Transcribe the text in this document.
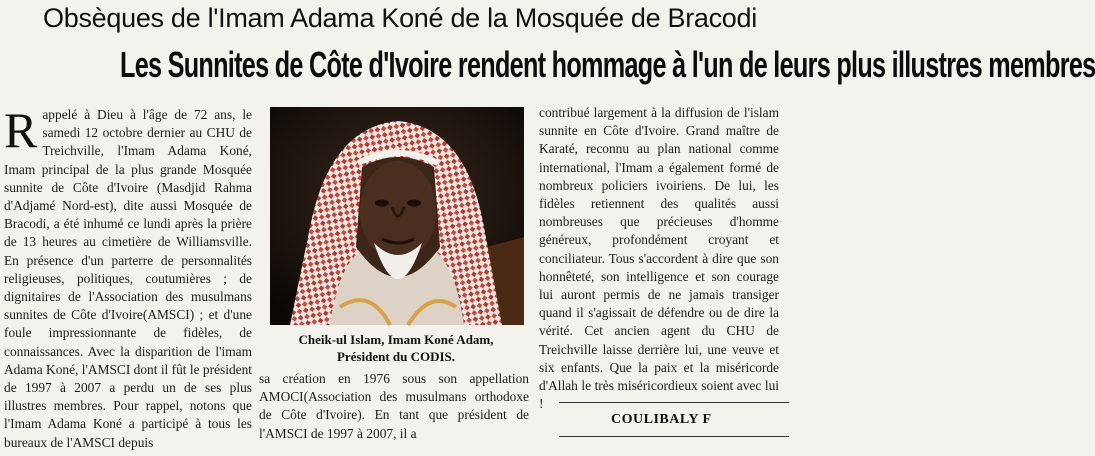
Obsèques de l'Imam Adama Koné de la Mosquée de Bracodi
Les Sunnites de Côte d'Ivoire rendent hommage à l'un de leurs plus illustres membres
R appelé à Dieu à l'âge de 72 ans, le samedi 12 octobre dernier au CHU de Treichville, l'Imam Adama Koné, Imam principal de la plus grande Mosquée sunnite de Côte d'Ivoire (Masdjid Rahma d'Adjamé Nord-est), dite aussi Mosquée de Bracodi, a été inhumé ce lundi après la prière de 13 heures au cimetière de Williamsville. En présence d'un parterre de personnalités religieuses, politiques, coutumières ; de dignitaires de l'Association des musulmans sunnites de Côte d'Ivoire(AMSCI) ; et d'une foule impressionnante de fidèles, de connaissances. Avec la disparition de l'imam Adama Koné, l'AMSCI dont il fût le président de 1997 à 2007 a perdu un de ses plus illustres membres. Pour rappel, notons que l'Imam Adama Koné a participé à tous les bureaux de l'AMSCI depuis

Cheik-ul Islam, Imam Koné Adam,
Président du CODIS.

sa création en 1976 sous son appellation AMOCI(Association des musulmans orthodoxe de Côte d'Ivoire). En tant que président de l'AMSCI de 1997 à 2007, il a

contribué largement à la diffusion de l'islam sunnite en Côte d'Ivoire. Grand maître de Karaté, reconnu au plan national comme international, l'Imam a également formé de nombreux policiers ivoiriens. De lui, les fidèles retiennent des qualités aussi nombreuses que précieuses d'homme généreux, profondément croyant et conciliateur. Tous s'accordent à dire que son honnêteté, son intelligence et son courage lui auront permis de ne jamais transiger quand il s'agissait de défendre ou de dire la vérité. Cet ancien agent du CHU de Treichville laisse derrière lui, une veuve et six enfants. Que la paix et la miséricorde d'Allah le très miséricordieux soient avec lui !

COULIBALY F
